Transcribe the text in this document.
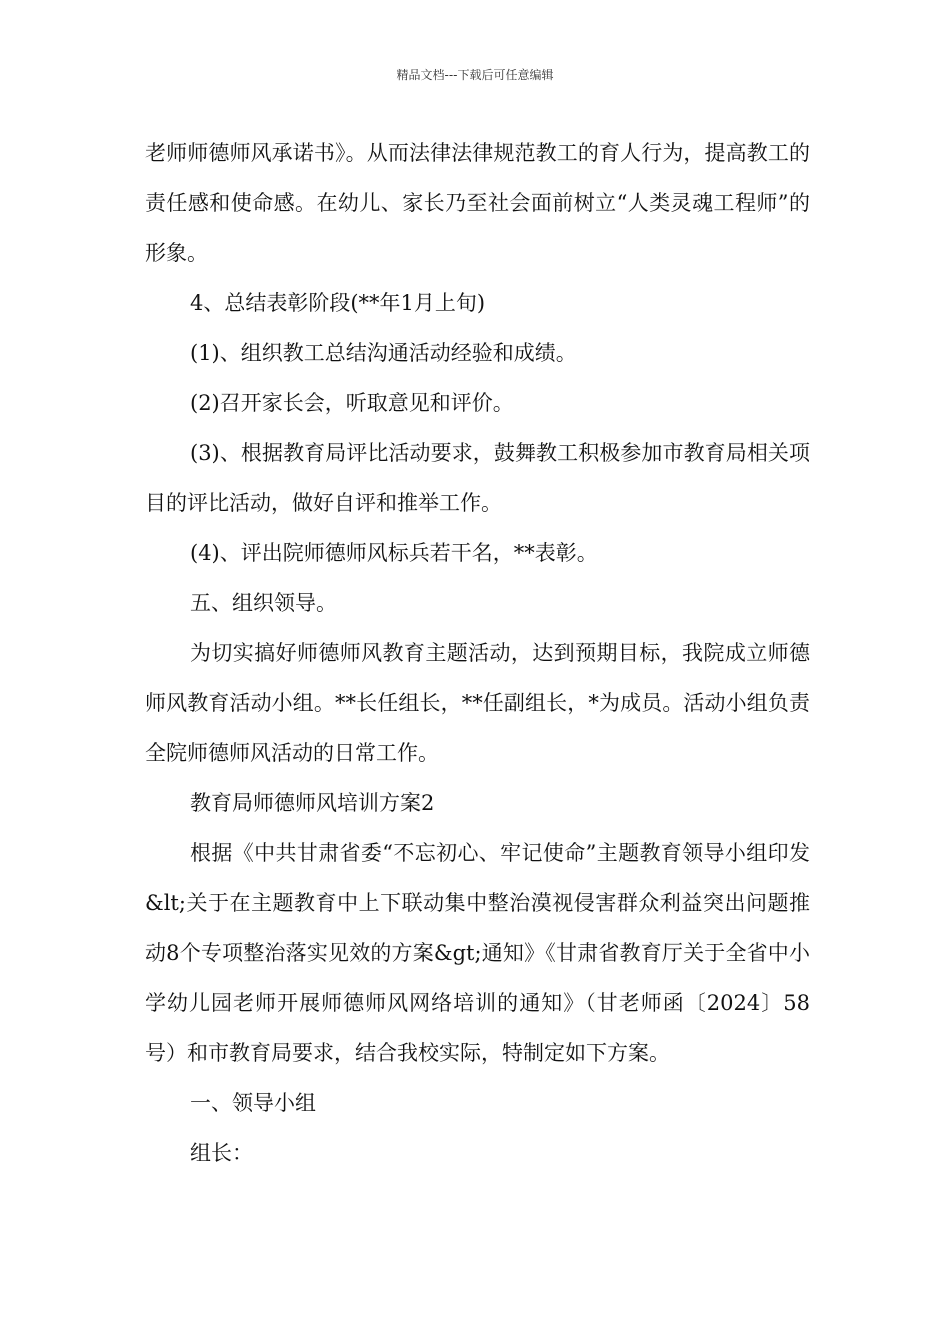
精品文档---下载后可任意编辑

老师师德师风承诺书》。从而法律法律规范教工的育人行为，提高教工的责任感和使命感。在幼儿、家长乃至社会面前树立“人类灵魂工程师”的形象。

4、总结表彰阶段(**年1月上旬)

(1)、组织教工总结沟通活动经验和成绩。

(2)召开家长会，听取意见和评价。

(3)、根据教育局评比活动要求，鼓舞教工积极参加市教育局相关项目的评比活动，做好自评和推举工作。

(4)、评出院师德师风标兵若干名，**表彰。

五、组织领导。

为切实搞好师德师风教育主题活动，达到预期目标，我院成立师德师风教育活动小组。**长任组长，**任副组长，*为成员。活动小组负责全院师德师风活动的日常工作。

教育局师德师风培训方案2

根据《中共甘肃省委“不忘初心、牢记使命”主题教育领导小组印发&lt;关于在主题教育中上下联动集中整治漠视侵害群众利益突出问题推动8个专项整治落实见效的方案&gt;通知》《甘肃省教育厅关于全省中小学幼儿园老师开展师德师风网络培训的通知》（甘老师函〔2024〕58号）和市教育局要求，结合我校实际，特制定如下方案。

一、领导小组

组长：
